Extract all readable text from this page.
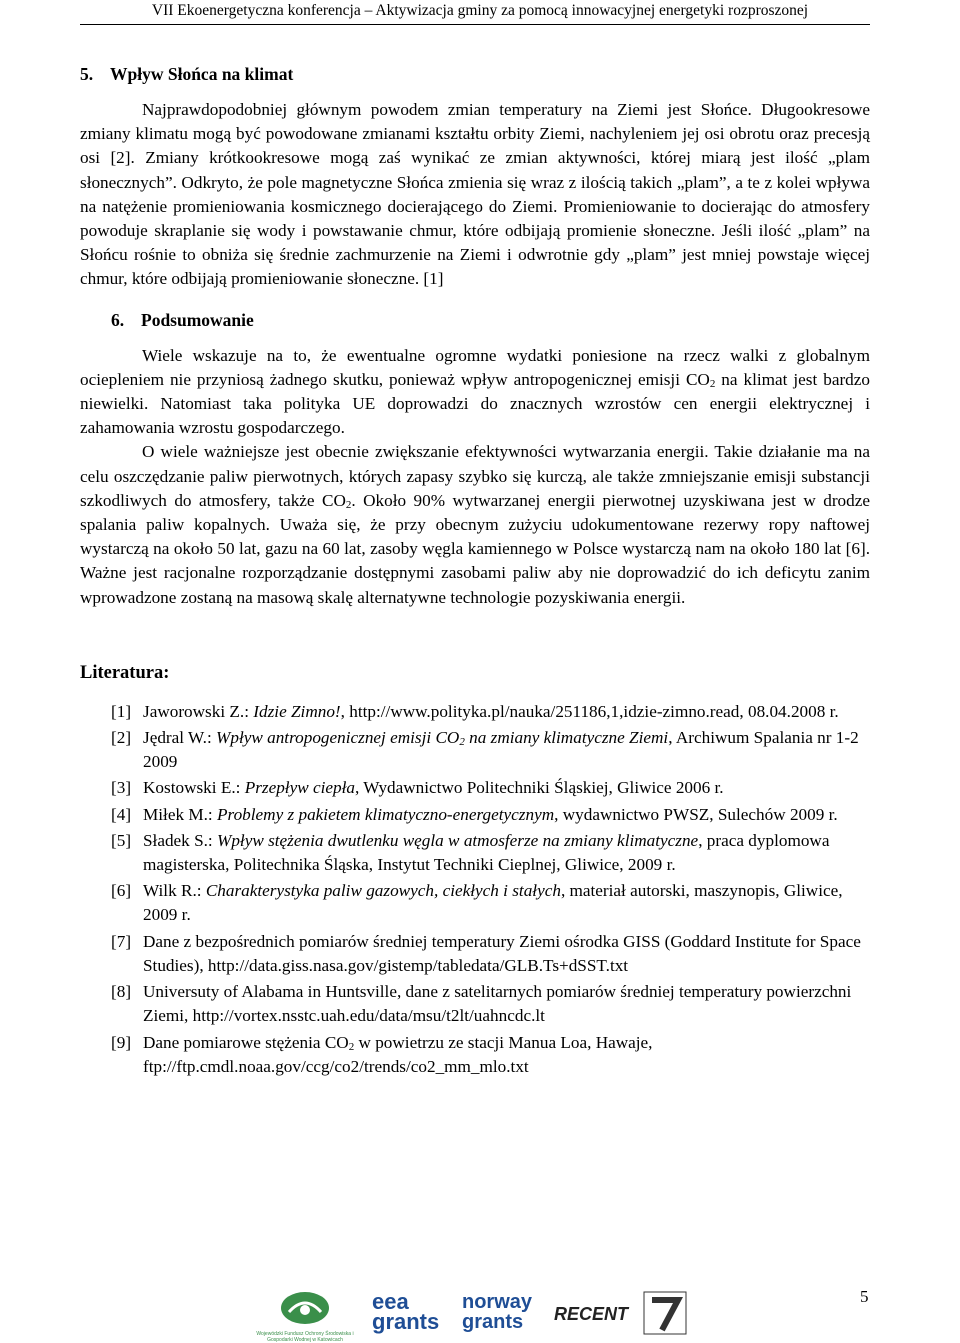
VII Ekoenergetyczna konferencja – Aktywizacja gminy za pomocą innowacyjnej energetyki rozproszonej
5. Wpływ Słońca na klimat

Najprawdopodobniej głównym powodem zmian temperatury na Ziemi jest Słońce. Długookresowe zmiany klimatu mogą być powodowane zmianami kształtu orbity Ziemi, nachyleniem jej osi obrotu oraz precesją osi [2]. Zmiany krótkookresowe mogą zaś wynikać ze zmian aktywności, której miarą jest ilość „plam słonecznych”. Odkryto, że pole magnetyczne Słońca zmienia się wraz z ilością takich „plam”, a te z kolei wpływa na natężenie promieniowania kosmicznego docierającego do Ziemi. Promieniowanie to docierając do atmosfery powoduje skraplanie się wody i powstawanie chmur, które odbijają promienie słoneczne. Jeśli ilość „plam” na Słońcu rośnie to obniża się średnie zachmurzenie na Ziemi i odwrotnie gdy „plam” jest mniej powstaje więcej chmur, które odbijają promieniowanie słoneczne. [1]

6. Podsumowanie

Wiele wskazuje na to, że ewentualne ogromne wydatki poniesione na rzecz walki z globalnym ociepleniem nie przyniosą żadnego skutku, ponieważ wpływ antropogenicznej emisji $CO_2$ na klimat jest bardzo niewielki. Natomiast taka polityka UE doprowadzi do znacznych wzrostów cen energii elektrycznej i zahamowania wzrostu gospodarczego.

O wiele ważniejsze jest obecnie zwiększanie efektywności wytwarzania energii. Takie działanie ma na celu oszczędzanie paliw pierwotnych, których zapasy szybko się kurczą, ale także zmniejszanie emisji substancji szkodliwych do atmosfery, także $CO_2$. Około 90% wytwarzanej energii pierwotnej uzyskiwana jest w drodze spalania paliw kopalnych. Uważa się, że przy obecnym zużyciu udokumentowane rezerwy ropy naftowej wystarczą na około 50 lat, gazu na 60 lat, zasoby węgla kamiennego w Polsce wystarczą nam na około 180 lat [6]. Ważne jest racjonalne rozporządzanie dostępnymi zasobami paliw aby nie doprowadzić do ich deficytu zanim wprowadzone zostaną na masową skalę alternatywne technologie pozyskiwania energii.

Literatura:
[1] Jaworowski Z.: Idzie Zimno!, http://www.polityka.pl/nauka/251186,1,idzie-zimno.read, 08.04.2008 r.
[2] Jędral W.: Wpływ antropogenicznej emisji $CO_2$ na zmiany klimatyczne Ziemi, Archiwum Spalania nr 1-2 2009
[3] Kostowski E.: Przepływ ciepła, Wydawnictwo Politechniki Śląskiej, Gliwice 2006 r.
[4] Miłek M.: Problemy z pakietem klimatyczno-energetycznym, wydawnictwo PWSZ, Sulechów 2009 r.
[5] Sładek S.: Wpływ stężenia dwutlenku węgla w atmosferze na zmiany klimatyczne, praca dyplomowa magisterska, Politechnika Śląska, Instytut Techniki Cieplnej, Gliwice, 2009 r.
[6] Wilk R.: Charakterystyka paliw gazowych, ciekłych i stałych, materiał autorski, maszynopis, Gliwice, 2009 r.
[7] Dane z bezpośrednich pomiarów średniej temperatury Ziemi ośrodka GISS (Goddard Institute for Space Studies), http://data.giss.nasa.gov/gistemp/tabledata/GLB.Ts+dSST.txt
[8] Universuty of Alabama in Huntsville, dane z satelitarnych pomiarów średniej temperatury powierzchni Ziemi, http://vortex.nsstc.uah.edu/data/msu/t2lt/uahncdc.lt
[9] Dane pomiarowe stężenia $CO_2$ w powietrzu ze stacji Manua Loa, Hawaje, ftp://ftp.cmdl.noaa.gov/ccg/co2/trends/co2_mm_mlo.txt
Wojewódzki Fundusz Ochrony Środowiska i Gospodarki Wodnej w Katowicach
eea
grants
norway
grants	RECENT
5
